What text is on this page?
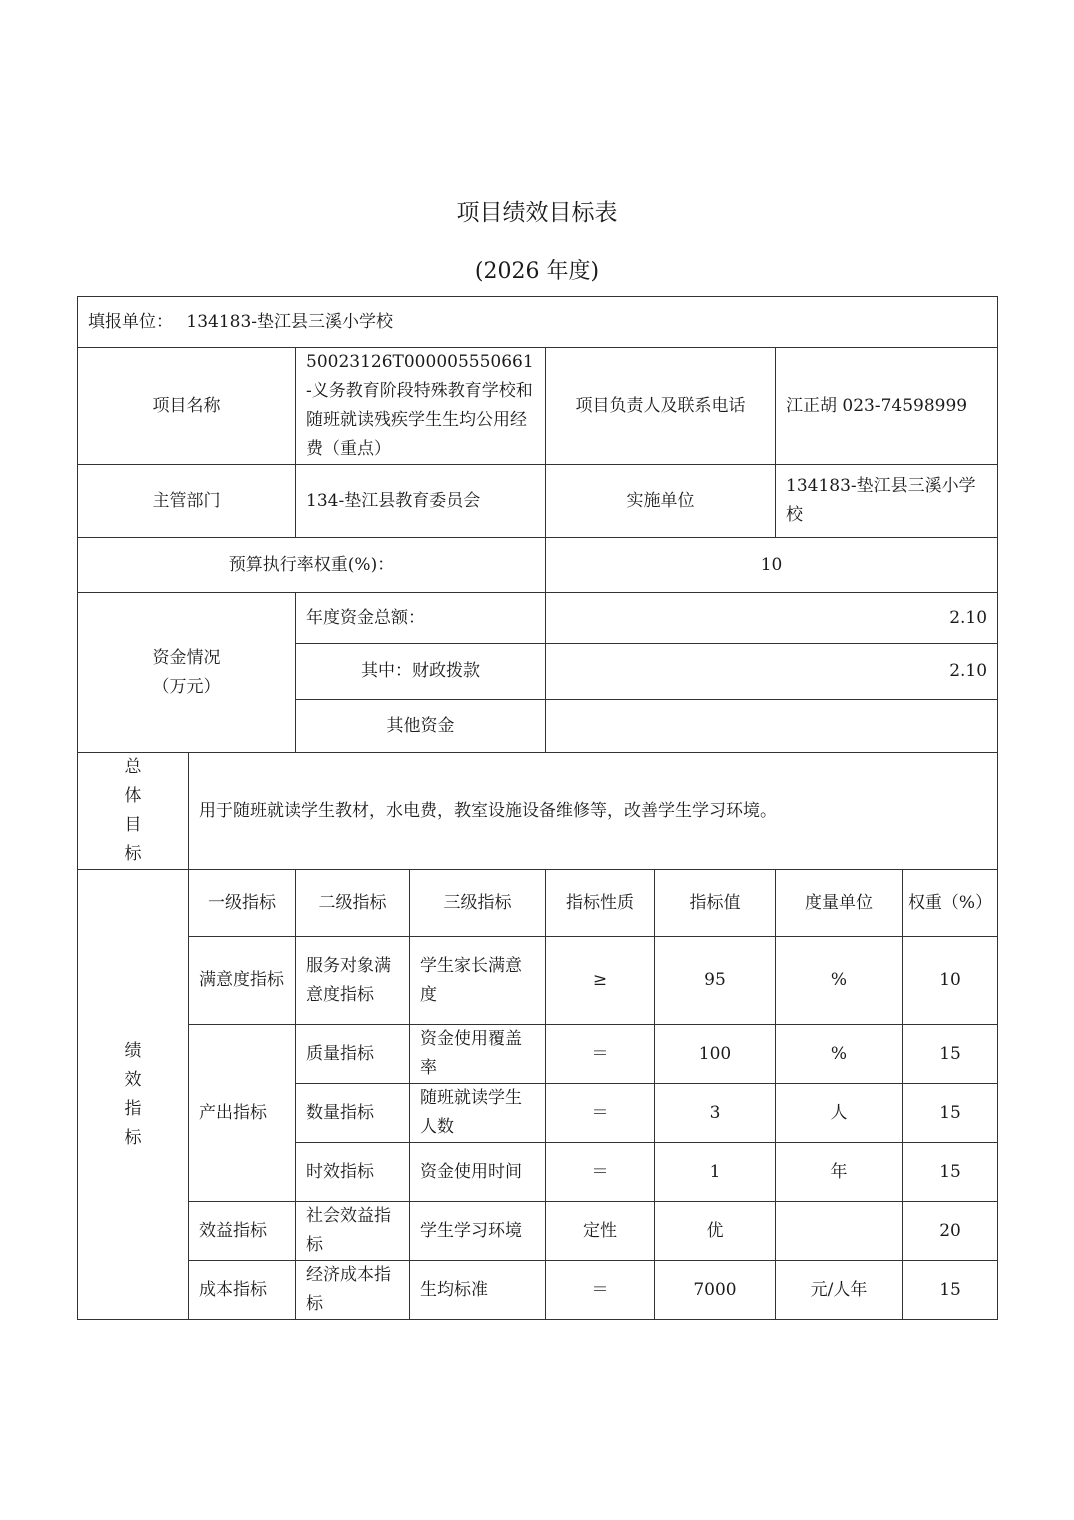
项目绩效目标表
(2026 年度)
填报单位： 134183-垫江县三溪小学校							
项目名称		50023126T000005550661-义务教育阶段特殊教育学校和随班就读残疾学生生均公用经费（重点）		项目负责人及联系电话		江正胡 023-74598999	
主管部门		134-垫江县教育委员会		实施单位		134183-垫江县三溪小学校	
预算执行率权重(%)：				10			

资金情况
（万元）		年度资金总额：		2.10			
		其中：财政拨款		2.10			
		其他资金					

总
体
目
标	用于随班就读学生教材，水电费，教室设施设备维修等，改善学生学习环境。						

绩
效
指
标	一级指标	二级指标	三级指标	指标性质	指标值	度量单位	权重（%）
	满意度指标	服务对象满意度指标	学生家长满意度	≥	95	%	10
	产出指标	质量指标	资金使用覆盖率	＝	100	%	15
		数量指标	随班就读学生人数	＝	3	人	15
		时效指标	资金使用时间	＝	1	年	15
	效益指标	社会效益指标	学生学习环境	定性	优		20
	成本指标	经济成本指标	生均标准	＝	7000	元/人年	15
